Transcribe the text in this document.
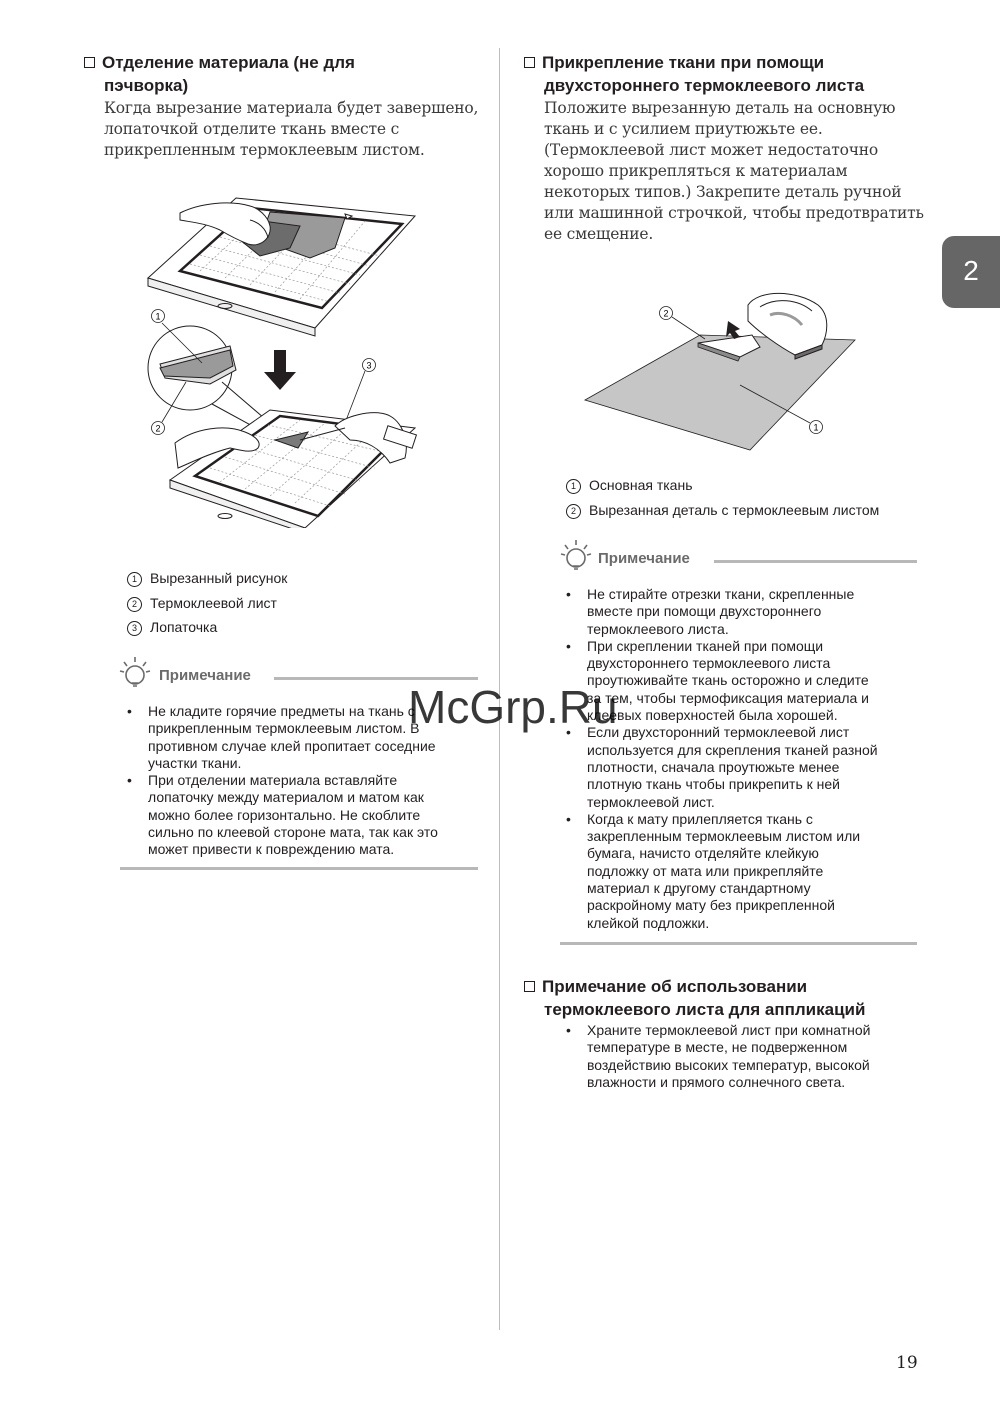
2
Отделение материала (не для
пэчворка)
Когда вырезание материала будет завершено,
лопаточкой отделите ткань вместе с
прикрепленным термоклеевым листом.
1
2
3
1 Вырезанный рисунок
2 Термоклеевой лист
3 Лопаточка
Примечание
• Не кладите горячие предметы на ткань с
прикрепленным термоклеевым листом. В
противном случае клей пропитает соседние
участки ткани.
• При отделении материала вставляйте
лопаточку между материалом и матом как
можно более горизонтально. Не скоблите
сильно по клеевой стороне мата, так как это
может привести к повреждению мата.
Прикрепление ткани при помощи
двухстороннего термоклеевого листа
Положите вырезанную деталь на основную
ткань и с усилием приутюжьте ее.
(Термоклеевой лист может недостаточно
хорошо прикрепляться к материалам
некоторых типов.) Закрепите деталь ручной
или машинной строчкой, чтобы предотвратить
ее смещение.
2
1
1 Основная ткань
2 Вырезанная деталь с термоклеевым листом
Примечание
• Не стирайте отрезки ткани, скрепленные
вместе при помощи двухстороннего
термоклеевого листа.
• При скреплении тканей при помощи
двухстороннего термоклеевого листа
проутюживайте ткань осторожно и следите
за тем, чтобы термофиксация материала и
клеевых поверхностей была хорошей.
• Если двухсторонний термоклеевой лист
используется для скрепления тканей разной
плотности, сначала проутюжьте менее
плотную ткань чтобы прикрепить к ней
термоклеевой лист.
• Когда к мату прилепляется ткань с
закрепленным термоклеевым листом или
бумага, начисто отделяйте клейкую
подложку от мата или прикрепляйте
материал к другому стандартному
раскройному мату без прикрепленной
клейкой подложки.
Примечание об использовании
термоклеевого листа для аппликаций
• Храните термоклеевой лист при комнатной
температуре в месте, не подверженном
воздействию высоких температур, высокой
влажности и прямого солнечного света.
McGrp.Ru
19
